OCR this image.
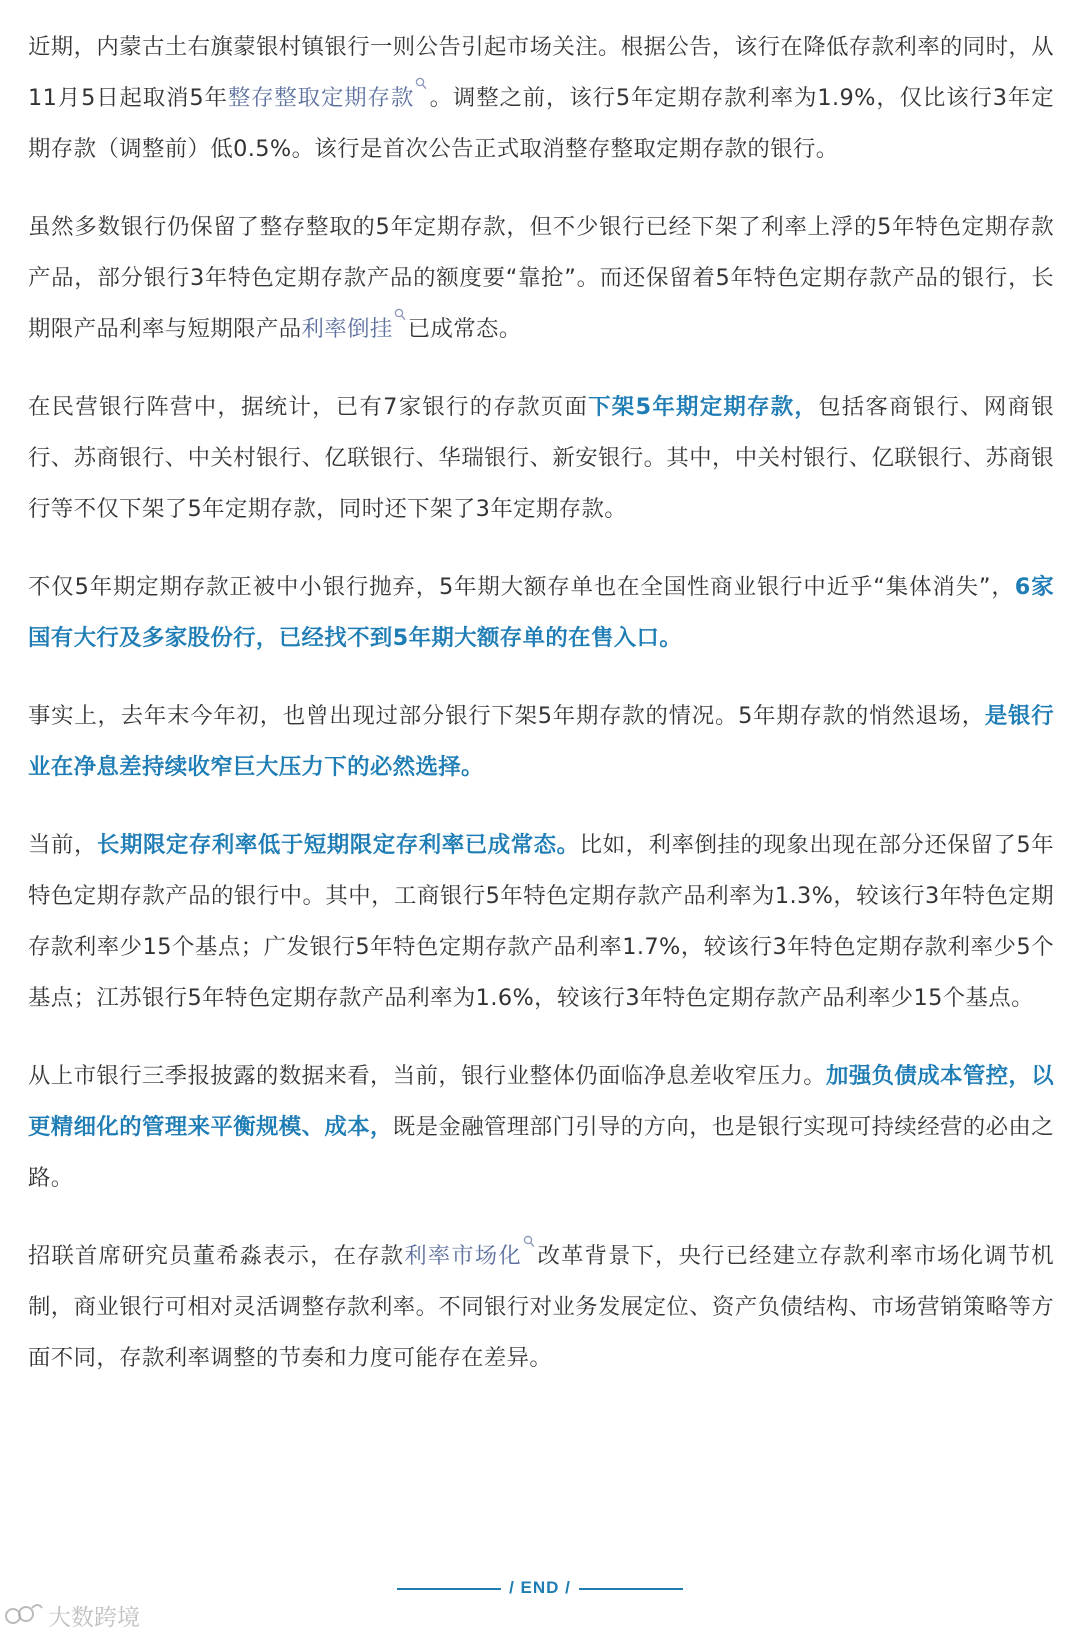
近期，内蒙古土右旗蒙银村镇银行一则公告引起市场关注。根据公告，该行在降低存款利率的同时，从11月5日起取消5年整存整取定期存款 。调整之前，该行5年定期存款利率为1.9%，仅比该行3年定期存款（调整前）低0.5%。该行是首次公告正式取消整存整取定期存款的银行。

虽然多数银行仍保留了整存整取的5年定期存款，但不少银行已经下架了利率上浮的5年特色定期存款产品，部分银行3年特色定期存款产品的额度要“靠抢”。而还保留着5年特色定期存款产品的银行，长期限产品利率与短期限产品利率倒挂 已成常态。

在民营银行阵营中，据统计，已有7家银行的存款页面下架5年期定期存款，包括客商银行、网商银行、苏商银行、中关村银行、亿联银行、华瑞银行、新安银行。其中，中关村银行、亿联银行、苏商银行等不仅下架了5年定期存款，同时还下架了3年定期存款。

不仅5年期定期存款正被中小银行抛弃，5年期大额存单也在全国性商业银行中近乎“集体消失”，6家国有大行及多家股份行，已经找不到5年期大额存单的在售入口。

事实上，去年末今年初，也曾出现过部分银行下架5年期存款的情况。5年期存款的悄然退场，是银行业在净息差持续收窄巨大压力下的必然选择。

当前，长期限定存利率低于短期限定存利率已成常态。比如，利率倒挂的现象出现在部分还保留了5年特色定期存款产品的银行中。其中，工商银行5年特色定期存款产品利率为1.3%，较该行3年特色定期存款利率少15个基点；广发银行5年特色定期存款产品利率1.7%，较该行3年特色定期存款利率少5个基点；江苏银行5年特色定期存款产品利率为1.6%，较该行3年特色定期存款产品利率少15个基点。

从上市银行三季报披露的数据来看，当前，银行业整体仍面临净息差收窄压力。加强负债成本管控，以更精细化的管理来平衡规模、成本，既是金融管理部门引导的方向，也是银行实现可持续经营的必由之路。

招联首席研究员董希淼表示，在存款利率市场化 改革背景下，央行已经建立存款利率市场化调节机制，商业银行可相对灵活调整存款利率。不同银行对业务发展定位、资产负债结构、市场营销策略等方面不同，存款利率调整的节奏和力度可能存在差异。

/ END /
大数跨境
